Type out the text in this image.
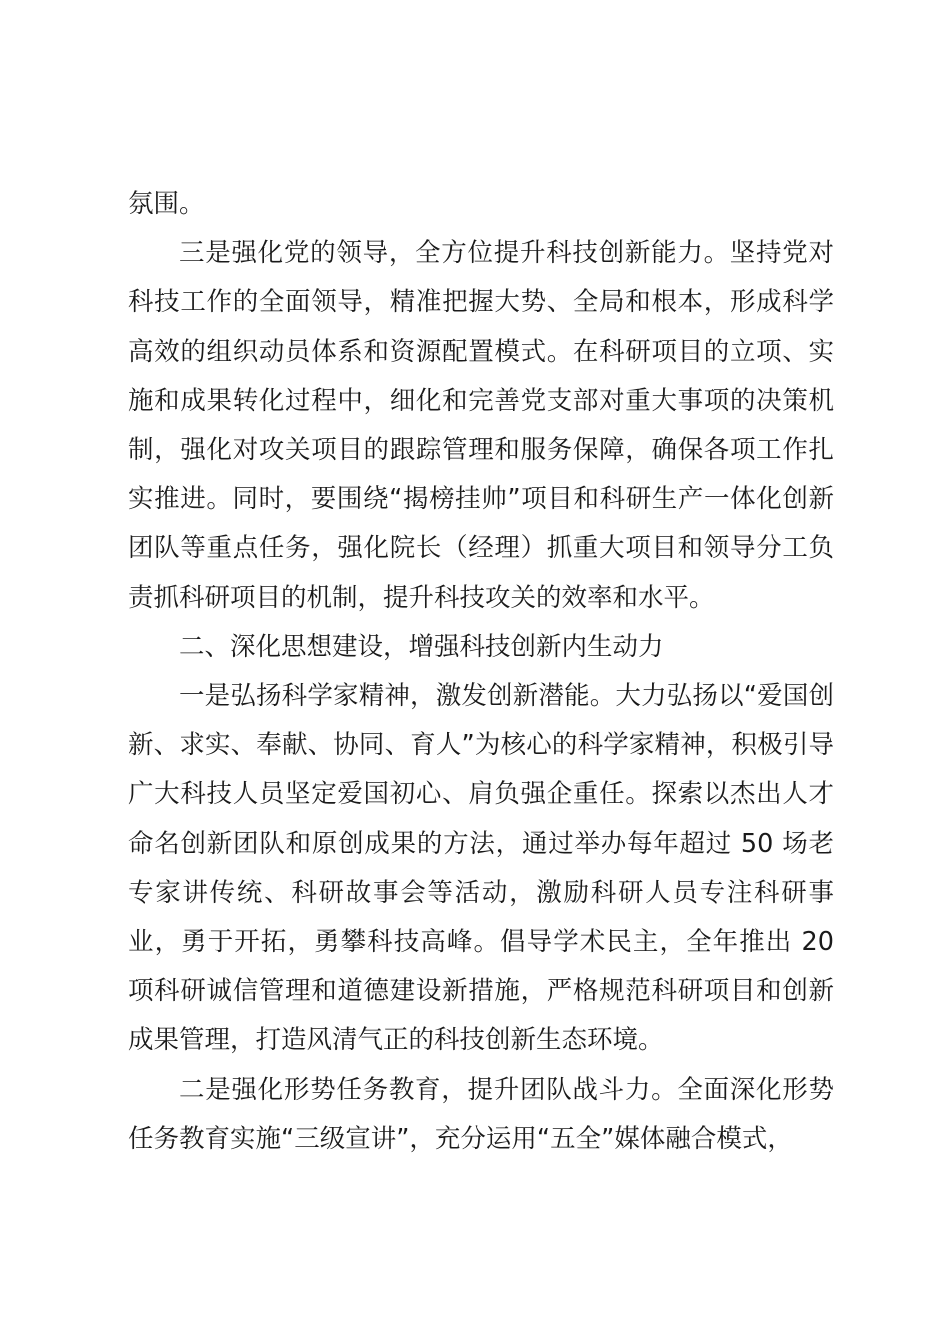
氛围。

三是强化党的领导，全方位提升科技创新能力。坚持党对科技工作的全面领导，精准把握大势、全局和根本，形成科学高效的组织动员体系和资源配置模式。在科研项目的立项、实施和成果转化过程中，细化和完善党支部对重大事项的决策机制，强化对攻关项目的跟踪管理和服务保障，确保各项工作扎实推进。同时，要围绕“揭榜挂帅”项目和科研生产一体化创新团队等重点任务，强化院长（经理）抓重大项目和领导分工负责抓科研项目的机制，提升科技攻关的效率和水平。

二、深化思想建设，增强科技创新内生动力

一是弘扬科学家精神，激发创新潜能。大力弘扬以“爱国创新、求实、奉献、协同、育人”为核心的科学家精神，积极引导广大科技人员坚定爱国初心、肩负强企重任。探索以杰出人才命名创新团队和原创成果的方法，通过举办每年超过 50 场老专家讲传统、科研故事会等活动，激励科研人员专注科研事业，勇于开拓，勇攀科技高峰。倡导学术民主，全年推出 20 项科研诚信管理和道德建设新措施，严格规范科研项目和创新成果管理，打造风清气正的科技创新生态环境。

二是强化形势任务教育，提升团队战斗力。全面深化形势任务教育实施“三级宣讲”，充分运用“五全”媒体融合模式，
